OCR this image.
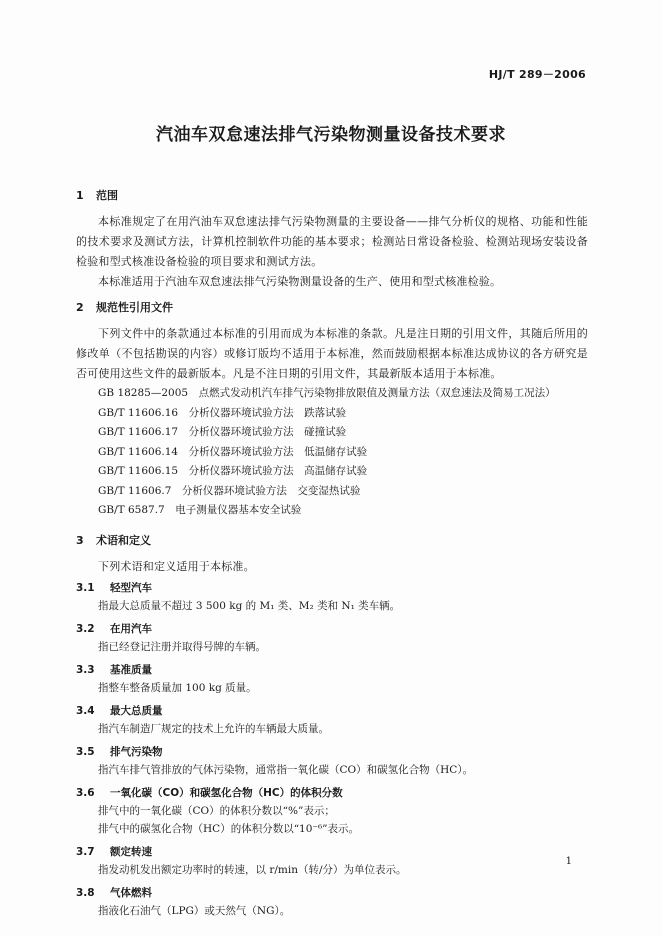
HJ/T 289－2006
汽油车双怠速法排气污染物测量设备技术要求
1 范围

本标准规定了在用汽油车双怠速法排气污染物测量的主要设备——排气分析仪的规格、功能和性能的技术要求及测试方法，计算机控制软件功能的基本要求；检测站日常设备检验、检测站现场安装设备检验和型式核准设备检验的项目要求和测试方法。

本标准适用于汽油车双怠速法排气污染物测量设备的生产、使用和型式核准检验。

2 规范性引用文件

下列文件中的条款通过本标准的引用而成为本标准的条款。凡是注日期的引用文件，其随后所用的修改单（不包括勘误的内容）或修订版均不适用于本标准，然而鼓励根据本标准达成协议的各方研究是否可使用这些文件的最新版本。凡是不注日期的引用文件，其最新版本适用于本标准。

GB 18285—2005　点燃式发动机汽车排气污染物排放限值及测量方法（双怠速法及简易工况法）

GB/T 11606.16　分析仪器环境试验方法　跌落试验

GB/T 11606.17　分析仪器环境试验方法　碰撞试验

GB/T 11606.14　分析仪器环境试验方法　低温储存试验

GB/T 11606.15　分析仪器环境试验方法　高温储存试验

GB/T 11606.7　分析仪器环境试验方法　交变湿热试验

GB/T 6587.7　电子测量仪器基本安全试验

3 术语和定义

下列术语和定义适用于本标准。

3.1 轻型汽车

指最大总质量不超过 3 500 kg 的 M₁ 类、M₂ 类和 N₁ 类车辆。

3.2 在用汽车

指已经登记注册并取得号牌的车辆。

3.3 基准质量

指整车整备质量加 100 kg 质量。

3.4 最大总质量

指汽车制造厂规定的技术上允许的车辆最大质量。

3.5 排气污染物

指汽车排气管排放的气体污染物，通常指一氧化碳（CO）和碳氢化合物（HC）。

3.6 一氧化碳（CO）和碳氢化合物（HC）的体积分数

排气中的一氧化碳（CO）的体积分数以“%”表示；

排气中的碳氢化合物（HC）的体积分数以“10⁻⁶”表示。

3.7 额定转速

指发动机发出额定功率时的转速，以 r/min（转/分）为单位表示。

3.8 气体燃料

指液化石油气（LPG）或天然气（NG）。

1
